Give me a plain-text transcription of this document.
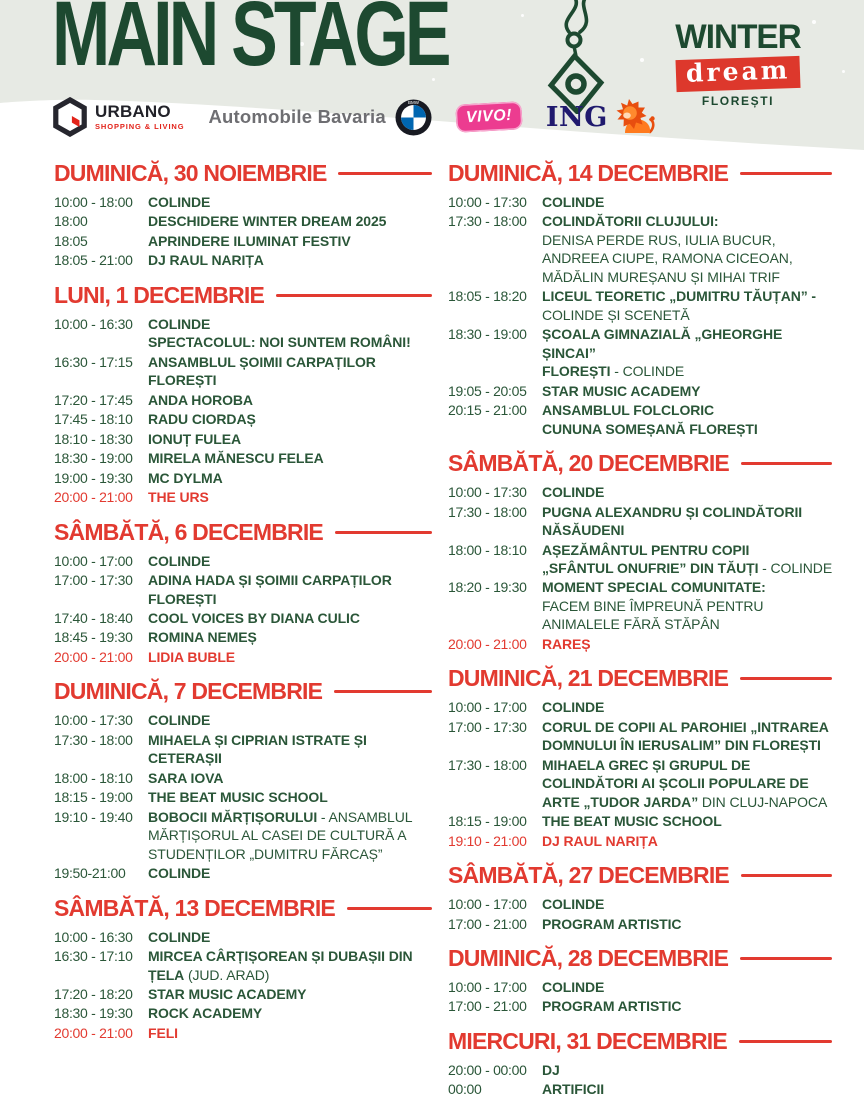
MAIN STAGE	WINTER
dream
FLOREȘTI
URBANO
SHOPPING & LIVING Automobile Bavaria
BMW
VIVO! ING
DUMINICĂ, 30 NOIEMBRIE
10:00 - 18:00	COLINDE
18:00	DESCHIDERE WINTER DREAM 2025
18:05	APRINDERE ILUMINAT FESTIV
18:05 - 21:00	DJ RAUL NARIȚA
LUNI, 1 DECEMBRIE
10:00 - 16:30	COLINDE
SPECTACOLUL: NOI SUNTEM ROMÂNI!
16:30 - 17:15	ANSAMBLUL ȘOIMII CARPAȚILOR
FLOREȘTI
17:20 - 17:45	ANDA HOROBA
17:45 - 18:10	RADU CIORDAȘ
18:10 - 18:30	IONUȚ FULEA
18:30 - 19:00	MIRELA MĂNESCU FELEA
19:00 - 19:30	MC DYLMA
20:00 - 21:00	THE URS
SÂMBĂTĂ, 6 DECEMBRIE
10:00 - 17:00	COLINDE
17:00 - 17:30	ADINA HADA ȘI ȘOIMII CARPAȚILOR
FLOREȘTI
17:40 - 18:40	COOL VOICES BY DIANA CULIC
18:45 - 19:30	ROMINA NEMEȘ
20:00 - 21:00	LIDIA BUBLE
DUMINICĂ, 7 DECEMBRIE
10:00 - 17:30	COLINDE
17:30 - 18:00	MIHAELA ȘI CIPRIAN ISTRATE ȘI
CETERAȘII
18:00 - 18:10	SARA IOVA
18:15 - 19:00	THE BEAT MUSIC SCHOOL
19:10 - 19:40	BOBOCII MĂRȚIȘORULUI - ANSAMBLUL
MĂRȚIȘORUL AL CASEI DE CULTURĂ A
STUDENȚILOR „DUMITRU FĂRCAȘ”
19:50-21:00	COLINDE
SÂMBĂTĂ, 13 DECEMBRIE
10:00 - 16:30	COLINDE
16:30 - 17:10	MIRCEA CÂRȚIȘOREAN ȘI DUBAȘII DIN
ȚELA (JUD. ARAD)
17:20 - 18:20	STAR MUSIC ACADEMY
18:30 - 19:30	ROCK ACADEMY
20:00 - 21:00	FELI
DUMINICĂ, 14 DECEMBRIE
10:00 - 17:30	COLINDE
17:30 - 18:00	COLINDĂTORII CLUJULUI:
DENISA PERDE RUS, IULIA BUCUR,
ANDREEA CIUPE, RAMONA CICEOAN,
MĂDĂLIN MUREȘANU ȘI MIHAI TRIF
18:05 - 18:20	LICEUL TEORETIC „DUMITRU TĂUȚAN” -
COLINDE ȘI SCENETĂ
18:30 - 19:00	ȘCOALA GIMNAZIALĂ „GHEORGHE ȘINCAI”
FLOREȘTI - COLINDE
19:05 - 20:05	STAR MUSIC ACADEMY
20:15 - 21:00	ANSAMBLUL FOLCLORIC
CUNUNA SOMEȘANĂ FLOREȘTI
SÂMBĂTĂ, 20 DECEMBRIE
10:00 - 17:30	COLINDE
17:30 - 18:00	PUGNA ALEXANDRU ȘI COLINDĂTORII
NĂSĂUDENI
18:00 - 18:10	AȘEZĂMÂNTUL PENTRU COPII
„SFÂNTUL ONUFRIE” DIN TĂUȚI - COLINDE
18:20 - 19:30	MOMENT SPECIAL COMUNITATE:
FACEM BINE ÎMPREUNĂ PENTRU
ANIMALELE FĂRĂ STĂPÂN
20:00 - 21:00	RAREȘ
DUMINICĂ, 21 DECEMBRIE
10:00 - 17:00	COLINDE
17:00 - 17:30	CORUL DE COPII AL PAROHIEI „INTRAREA
DOMNULUI ÎN IERUSALIM” DIN FLOREȘTI
17:30 - 18:00	MIHAELA GREC ȘI GRUPUL DE
COLINDĂTORI AI ȘCOLII POPULARE DE
ARTE „TUDOR JARDA” DIN CLUJ-NAPOCA
18:15 - 19:00	THE BEAT MUSIC SCHOOL
19:10 - 21:00	DJ RAUL NARIȚA
SÂMBĂTĂ, 27 DECEMBRIE
10:00 - 17:00	COLINDE
17:00 - 21:00	PROGRAM ARTISTIC
DUMINICĂ, 28 DECEMBRIE
10:00 - 17:00	COLINDE
17:00 - 21:00	PROGRAM ARTISTIC
MIERCURI, 31 DECEMBRIE
20:00 - 00:00	DJ
00:00	ARTIFICII
